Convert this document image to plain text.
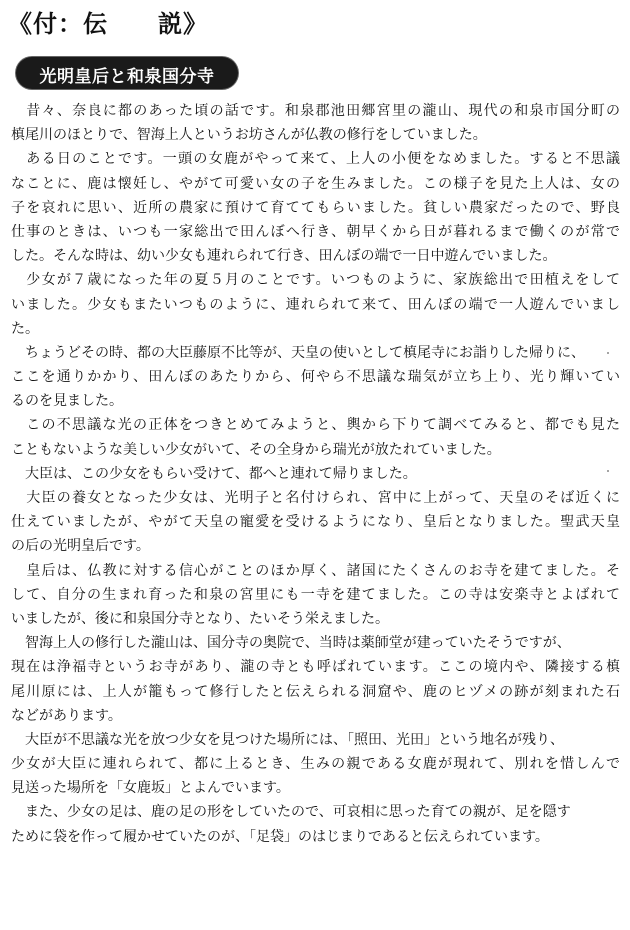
《付：伝　　説》
光明皇后と和泉国分寺
　昔々、奈良に都のあった頃の話です。和泉郡池田郷宮里の瀧山、現代の和泉市国分町の
槙尾川のほとりで、智海上人というお坊さんが仏教の修行をしていました。
　ある日のことです。一頭の女鹿がやって来て、上人の小便をなめました。すると不思議
なことに、鹿は懐妊し、やがて可愛い女の子を生みました。この様子を見た上人は、女の
子を哀れに思い、近所の農家に預けて育ててもらいました。貧しい農家だったので、野良
仕事のときは、いつも一家総出で田んぼへ行き、朝早くから日が暮れるまで働くのが常で
した。そんな時は、幼い少女も連れられて行き、田んぼの端で一日中遊んでいました。
　少女が７歳になった年の夏５月のことです。いつものように、家族総出で田植えをして
いました。少女もまたいつものように、連れられて来て、田んぼの端で一人遊んでいまし
た。
　ちょうどその時、都の大臣藤原不比等が、天皇の使いとして槙尾寺にお詣りした帰りに、
ここを通りかかり、田んぼのあたりから、何やら不思議な瑞気が立ち上り、光り輝いてい
るのを見ました。
　この不思議な光の正体をつきとめてみようと、輿から下りて調べてみると、都でも見た
こともないような美しい少女がいて、その全身から瑞光が放たれていました。
　大臣は、この少女をもらい受けて、都へと連れて帰りました。
　大臣の養女となった少女は、光明子と名付けられ、宮中に上がって、天皇のそば近くに
仕えていましたが、やがて天皇の寵愛を受けるようになり、皇后となりました。聖武天皇
の后の光明皇后です。
　皇后は、仏教に対する信心がことのほか厚く、諸国にたくさんのお寺を建てました。そ
して、自分の生まれ育った和泉の宮里にも一寺を建てました。この寺は安楽寺とよばれて
いましたが、後に和泉国分寺となり、たいそう栄えました。
　智海上人の修行した瀧山は、国分寺の奥院で、当時は薬師堂が建っていたそうですが、
現在は浄福寺というお寺があり、瀧の寺とも呼ばれています。ここの境内や、隣接する槙
尾川原には、上人が籠もって修行したと伝えられる洞窟や、鹿のヒヅメの跡が刻まれた石
などがあります。
　大臣が不思議な光を放つ少女を見つけた場所には、「照田、光田」という地名が残り、
少女が大臣に連れられて、都に上るとき、生みの親である女鹿が現れて、別れを惜しんで
見送った場所を「
女鹿坂」とよんでいます。
　また、少女の足は、鹿の足の形をしていたので、可哀相に思った育ての親が、足を隠す
ために袋を作って履かせていたのが、「
足袋」のはじまりであると伝えられています。
